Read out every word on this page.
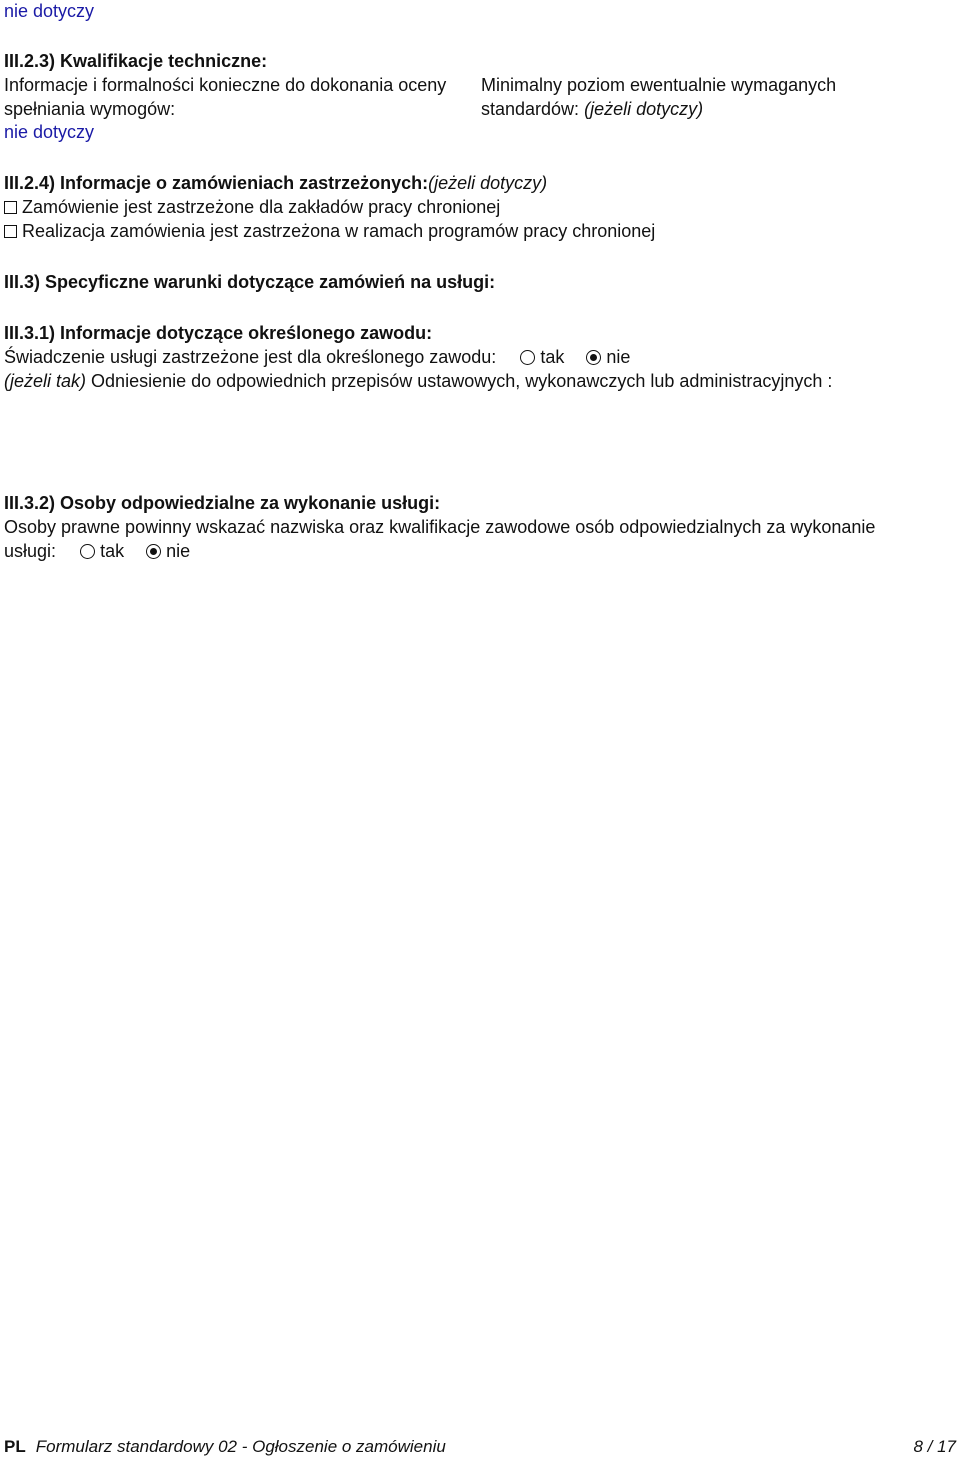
nie dotyczy
III.2.3) Kwalifikacje techniczne:
Informacje i formalności konieczne do dokonania oceny
spełniania wymogów:
Minimalny poziom ewentualnie wymaganych
standardów: (jeżeli dotyczy)
nie dotyczy
III.2.4) Informacje o zamówieniach zastrzeżonych:(jeżeli dotyczy)
Zamówienie jest zastrzeżone dla zakładów pracy chronionej
Realizacja zamówienia jest zastrzeżona w ramach programów pracy chronionej
III.3) Specyficzne warunki dotyczące zamówień na usługi:
III.3.1) Informacje dotyczące określonego zawodu:
Świadczenie usługi zastrzeżone jest dla określonego zawodu: tak nie
(jeżeli tak) Odniesienie do odpowiednich przepisów ustawowych, wykonawczych lub administracyjnych :
III.3.2) Osoby odpowiedzialne za wykonanie usługi:
Osoby prawne powinny wskazać nazwiska oraz kwalifikacje zawodowe osób odpowiedzialnych za wykonanie
usługi: tak nie
PL Formularz standardowy 02 - Ogłoszenie o zamówieniu	8 / 17
